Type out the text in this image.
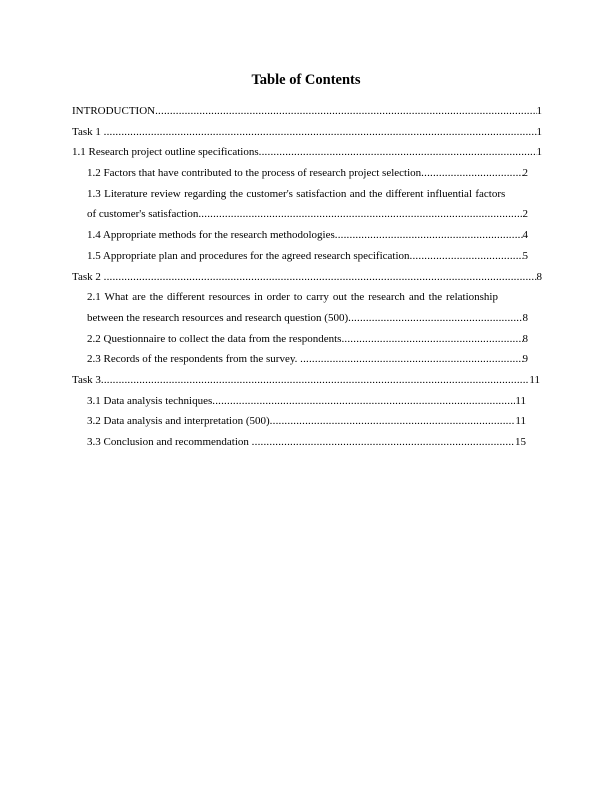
Table of Contents
INTRODUCTION .....	1
Task 1 .....	1
1.1 Research project outline specifications .....	1
1.2 Factors that have contributed to the process of research project selection .....	2
1.3 Literature review regarding the customer's satisfaction and the different influential factors
of customer's satisfaction .....	2
1.4 Appropriate methods for the research methodologies .....	4
1.5 Appropriate plan and procedures for the agreed research specification .....	5
Task 2 .....	8
2.1 What are the different resources in order to carry out the research and the relationship
between the research resources and research question (500) .....	8
2.2 Questionnaire to collect the data from the respondents .....	8
2.3 Records of the respondents from the survey. .....	9
Task 3 .....	11
3.1 Data analysis techniques .....	11
3.2 Data analysis and interpretation (500) .....	11
3.3 Conclusion and recommendation .....	15
